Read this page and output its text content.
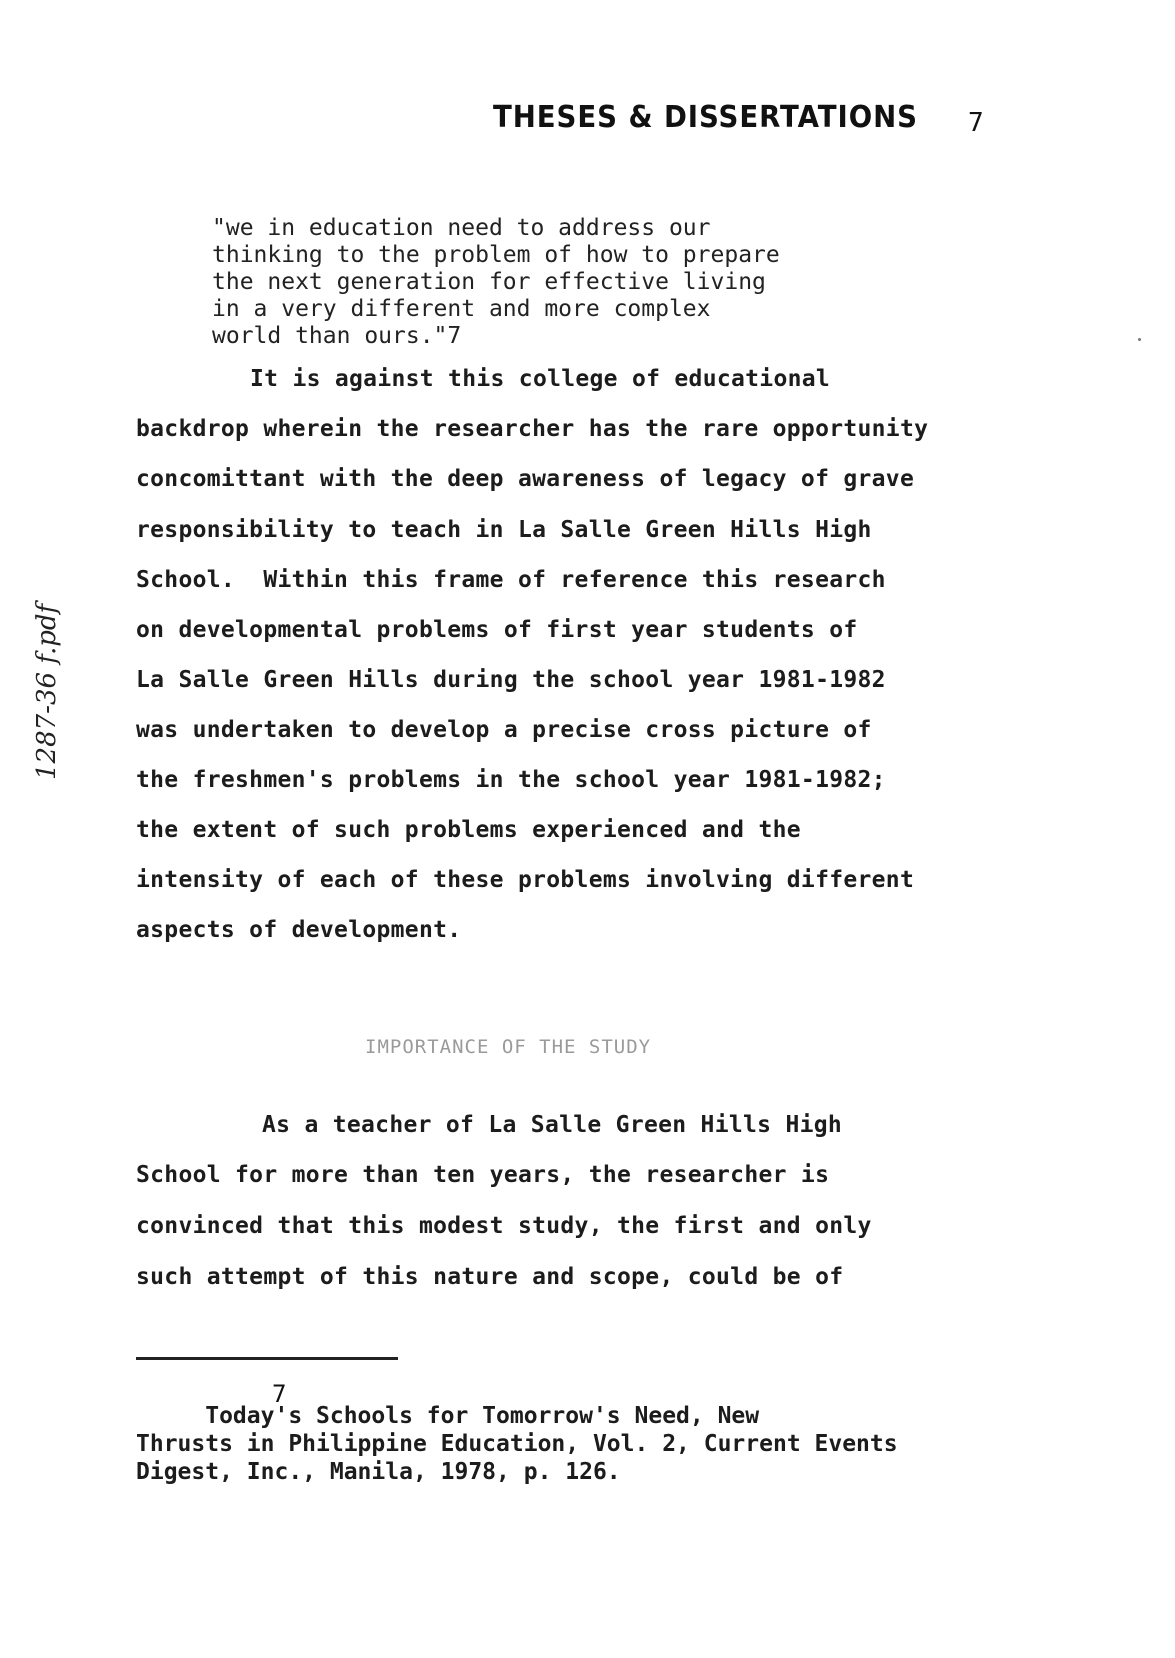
THESES & DISSERTATIONS 7
"we in education need to address our
thinking to the problem of how to prepare
the next generation for effective living
in a very different and more complex
world than ours."7
It is against this college of educational
backdrop wherein the researcher has the rare opportunity
concomittant with the deep awareness of legacy of grave
responsibility to teach in La Salle Green Hills High
School.  Within this frame of reference this research
on developmental problems of first year students of
La Salle Green Hills during the school year 1981-1982
was undertaken to develop a precise cross picture of
the freshmen's problems in the school year 1981-1982;
the extent of such problems experienced and the
intensity of each of these problems involving different
aspects of development.
IMPORTANCE OF THE STUDY
As a teacher of La Salle Green Hills High
School for more than ten years, the researcher is
convinced that this modest study, the first and only
such attempt of this nature and scope, could be of
7
Today's Schools for Tomorrow's Need, New
Thrusts in Philippine Education, Vol. 2, Current Events
Digest, Inc., Manila, 1978, p. 126.
1287-36 f.pdf
